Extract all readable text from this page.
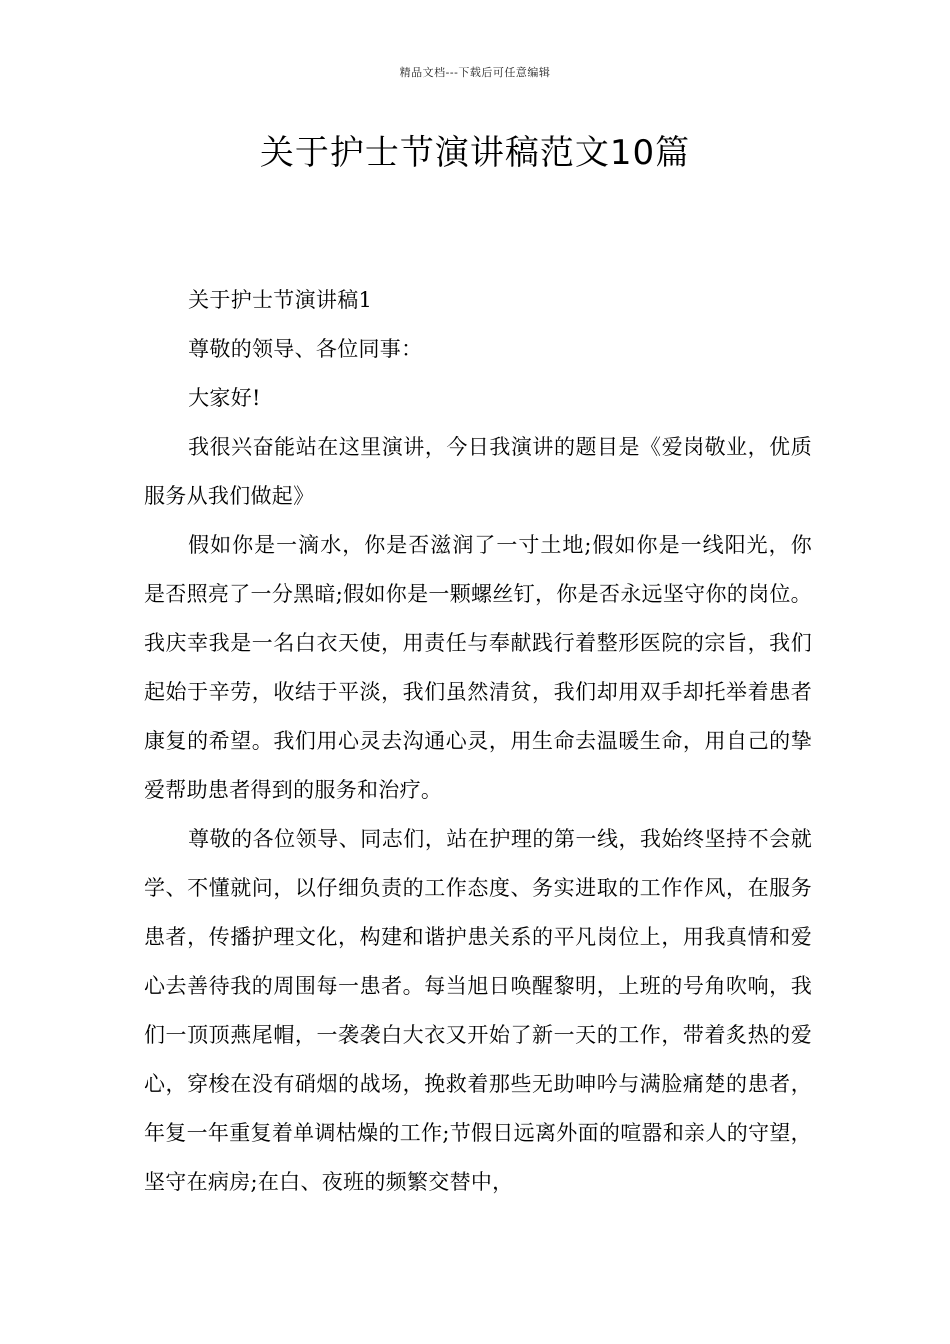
精品文档---下载后可任意编辑
关于护士节演讲稿范文10篇

关于护士节演讲稿1

尊敬的领导、各位同事：

大家好!

我很兴奋能站在这里演讲，今日我演讲的题目是《爱岗敬业，优质服务从我们做起》

假如你是一滴水，你是否滋润了一寸土地;假如你是一线阳光，你是否照亮了一分黑暗;假如你是一颗螺丝钉，你是否永远坚守你的岗位。我庆幸我是一名白衣天使，用责任与奉献践行着整形医院的宗旨，我们起始于辛劳，收结于平淡，我们虽然清贫，我们却用双手却托举着患者康复的希望。我们用心灵去沟通心灵，用生命去温暖生命，用自己的挚爱帮助患者得到的服务和治疗。

尊敬的各位领导、同志们，站在护理的第一线，我始终坚持不会就学、不懂就问，以仔细负责的工作态度、务实进取的工作作风，在服务患者，传播护理文化，构建和谐护患关系的平凡岗位上，用我真情和爱心去善待我的周围每一患者。每当旭日唤醒黎明，上班的号角吹响，我们一顶顶燕尾帽，一袭袭白大衣又开始了新一天的工作，带着炙热的爱心，穿梭在没有硝烟的战场，挽救着那些无助呻吟与满脸痛楚的患者，年复一年重复着单调枯燥的工作;节假日远离外面的喧嚣和亲人的守望，坚守在病房;在白、夜班的频繁交替中，
